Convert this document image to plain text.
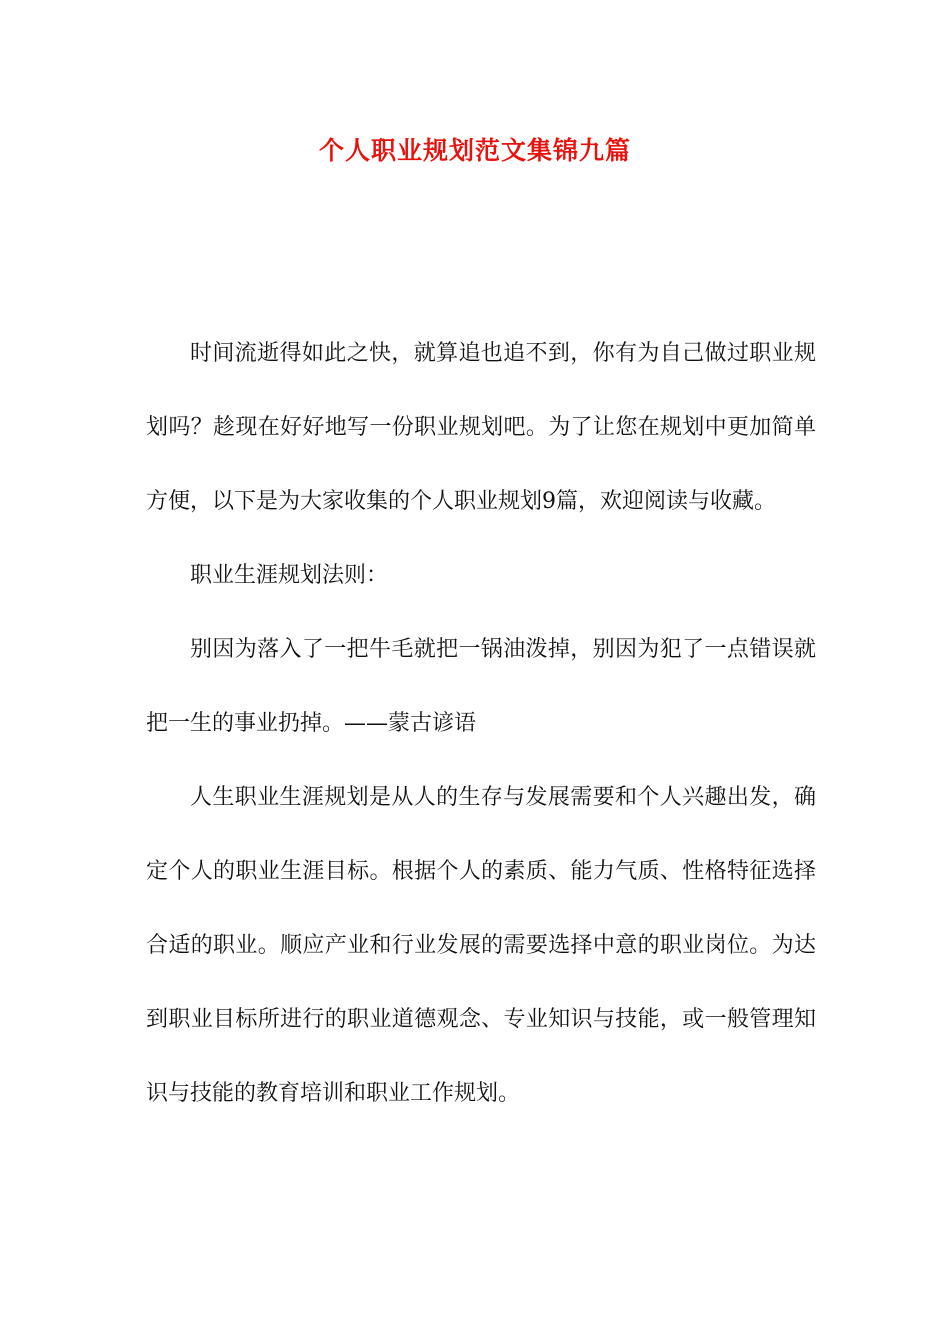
个人职业规划范文集锦九篇

时间流逝得如此之快，就算追也追不到，你有为自己做过职业规划吗？趁现在好好地写一份职业规划吧。为了让您在规划中更加简单方便，以下是为大家收集的个人职业规划9篇，欢迎阅读与收藏。

职业生涯规划法则：

别因为落入了一把牛毛就把一锅油泼掉，别因为犯了一点错误就把一生的事业扔掉。——蒙古谚语

人生职业生涯规划是从人的生存与发展需要和个人兴趣出发，确定个人的职业生涯目标。根据个人的素质、能力气质、性格特征选择合适的职业。顺应产业和行业发展的需要选择中意的职业岗位。为达到职业目标所进行的职业道德观念、专业知识与技能，或一般管理知识与技能的教育培训和职业工作规划。
